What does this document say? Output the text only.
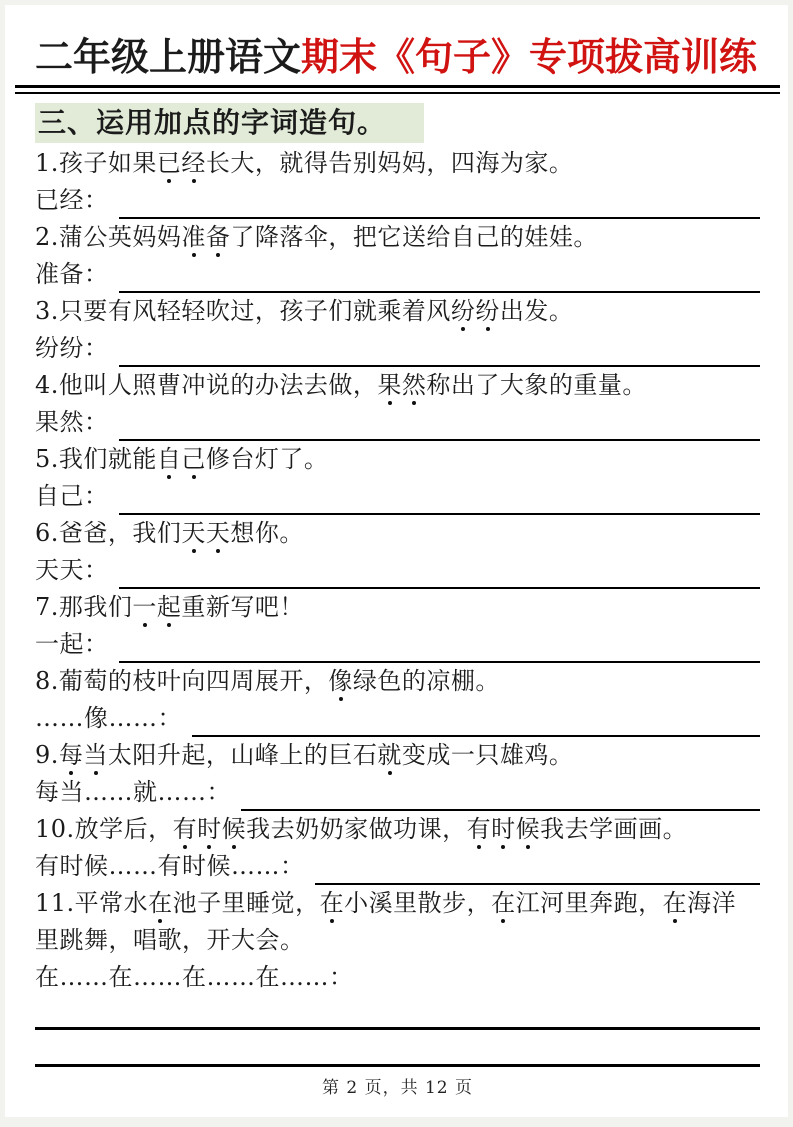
二年级上册语文期末《句子》专项拔高训练
三、运用加点的字词造句。
1.孩子如果已经长大，就得告别妈妈，四海为家。
已经：
2.蒲公英妈妈准备了降落伞，把它送给自己的娃娃。
准备：
3.只要有风轻轻吹过，孩子们就乘着风纷纷出发。
纷纷：
4.他叫人照曹冲说的办法去做，果然称出了大象的重量。
果然：
5.我们就能自己修台灯了。
自己：
6.爸爸，我们天天想你。
天天：
7.那我们一起重新写吧！
一起：
8.葡萄的枝叶向四周展开，像绿色的凉棚。
……像……：
9.每当太阳升起，山峰上的巨石就变成一只雄鸡。
每当……就……：
10.放学后，有时候我去奶奶家做功课，有时候我去学画画。
有时候……有时候……：
11.平常水在池子里睡觉，在小溪里散步，在江河里奔跑，在海洋里跳舞，唱歌，开大会。
在……在……在……在……：
第 2 页，共 12 页
